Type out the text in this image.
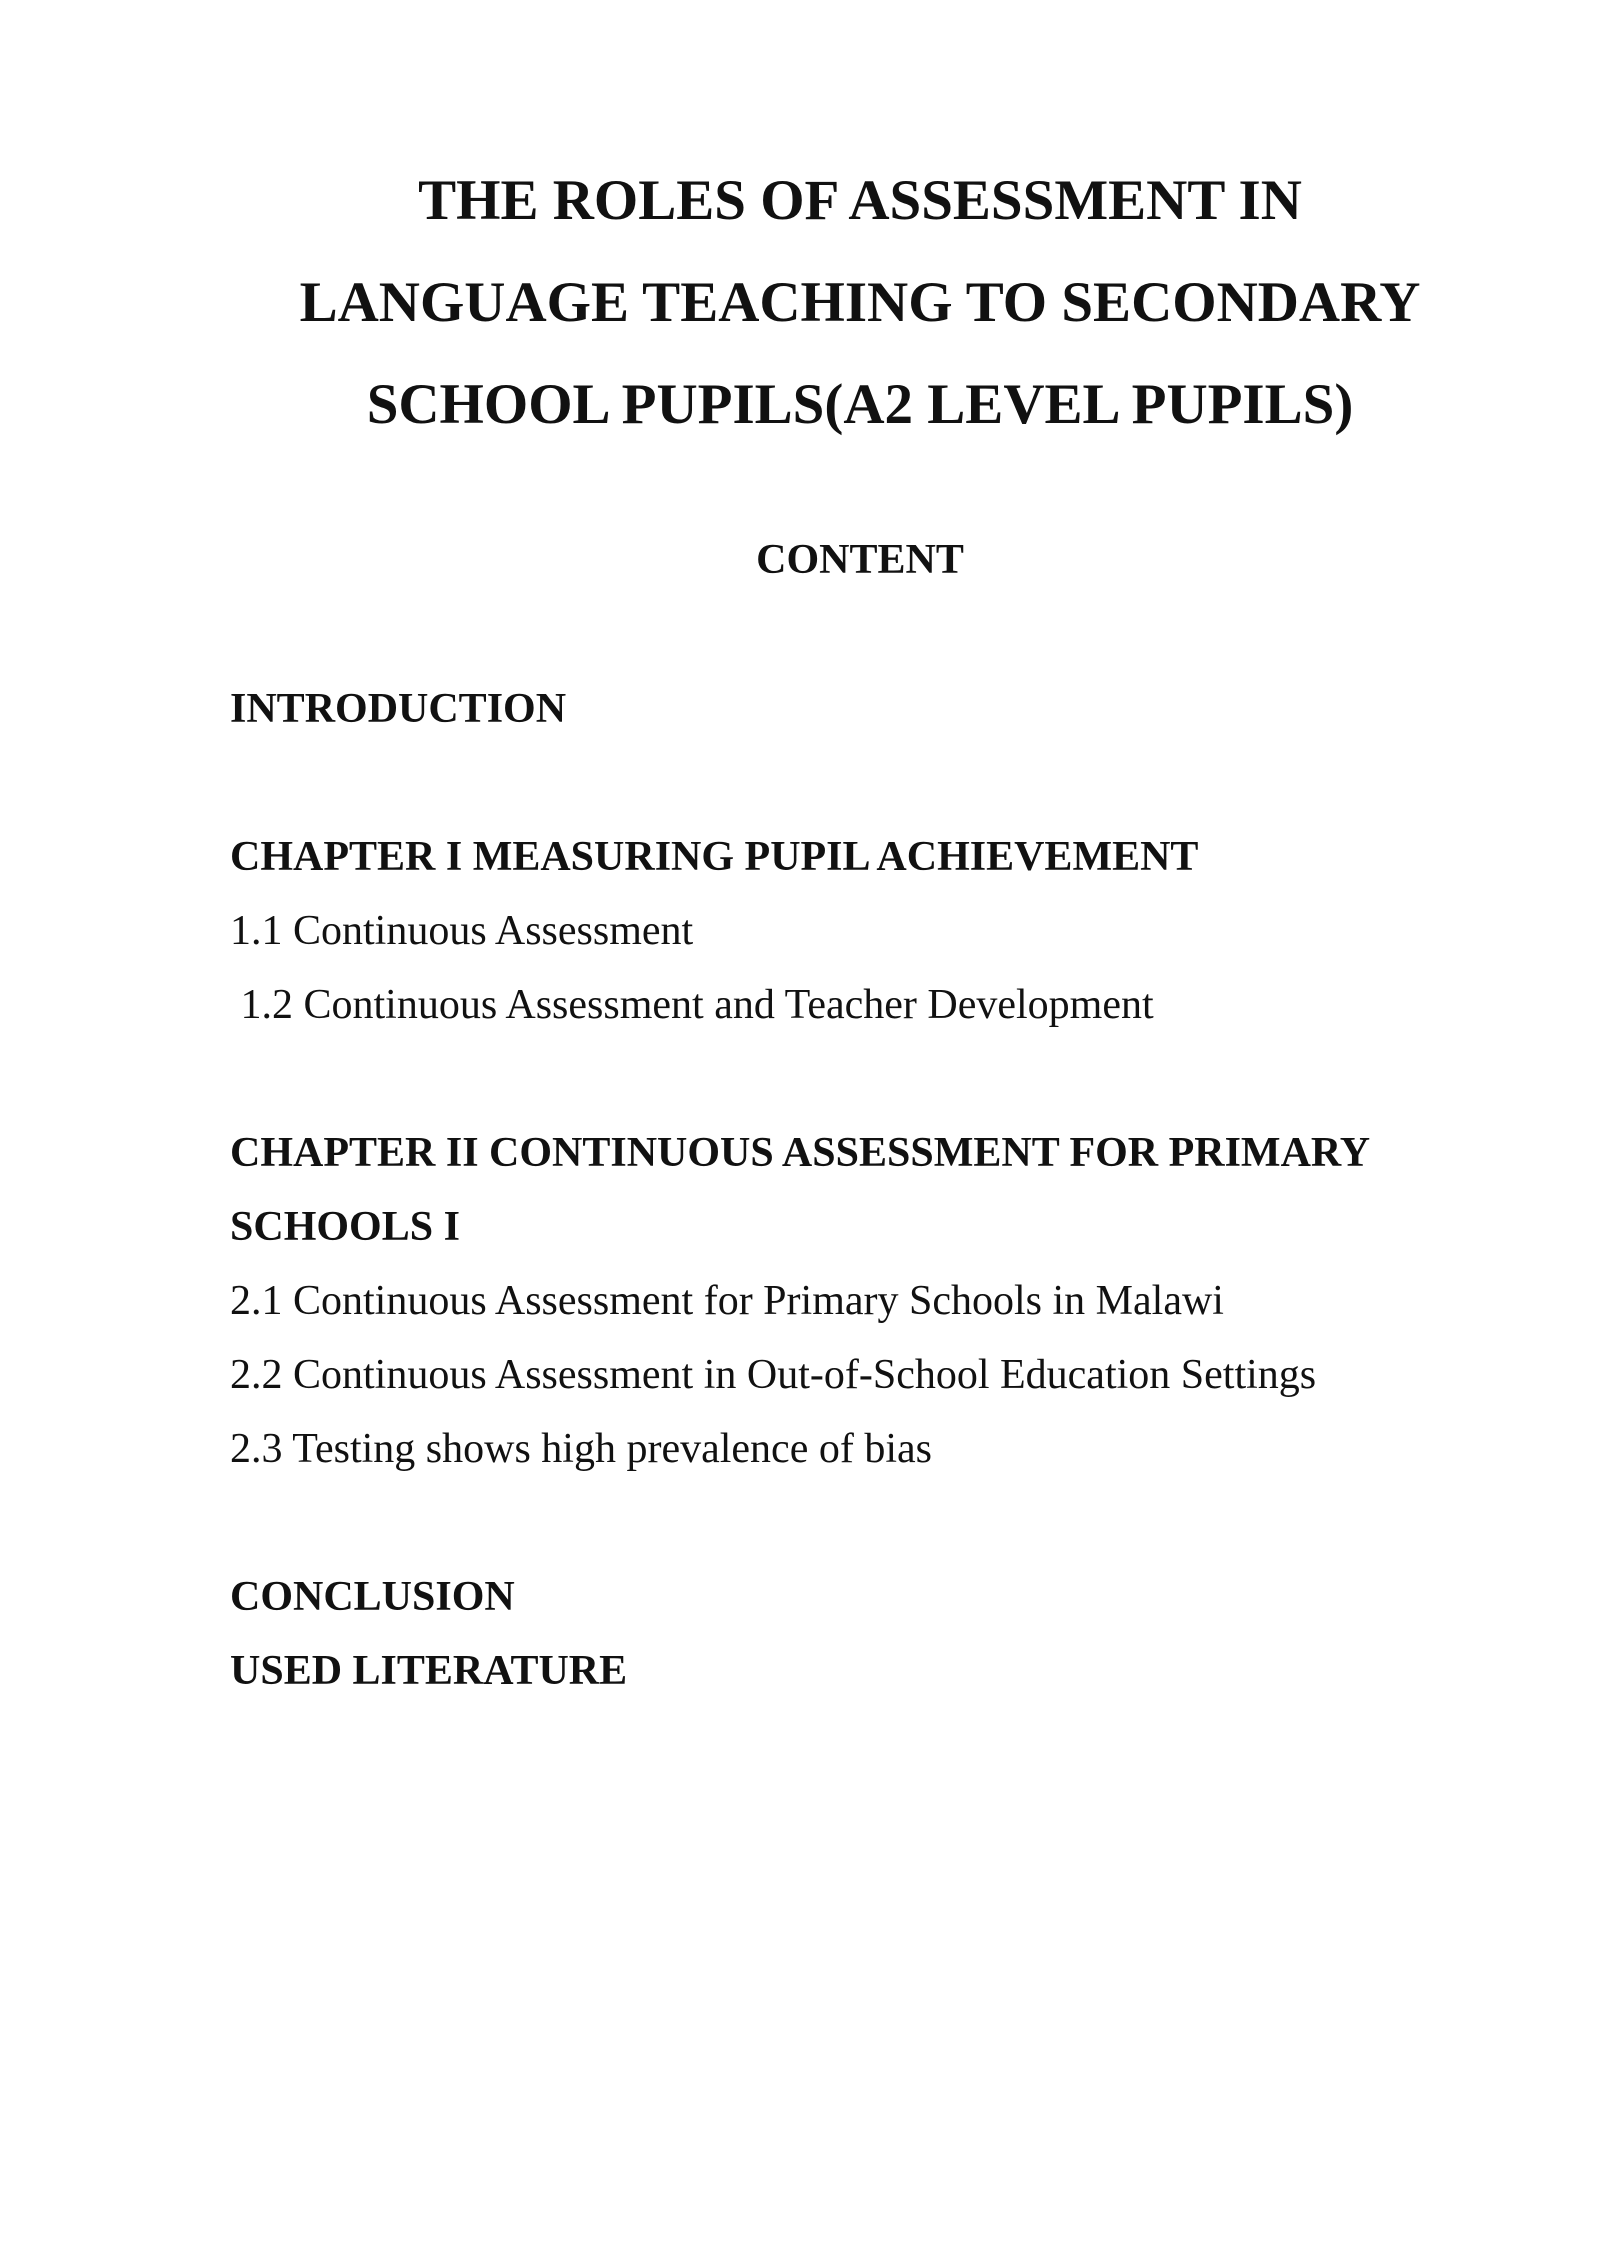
THE ROLES OF ASSESSMENT IN
LANGUAGE TEACHING TO SECONDARY
SCHOOL PUPILS(A2 LEVEL PUPILS)

CONTENT

INTRODUCTION

CHAPTER I MEASURING PUPIL ACHIEVEMENT

1.1 Continuous Assessment

1.2 Continuous Assessment and Teacher Development

CHAPTER II CONTINUOUS ASSESSMENT FOR PRIMARY

SCHOOLS I

2.1 Continuous Assessment for Primary Schools in Malawi

2.2 Continuous Assessment in Out-of-School Education Settings

2.3 Testing shows high prevalence of bias

CONCLUSION

USED LITERATURE
